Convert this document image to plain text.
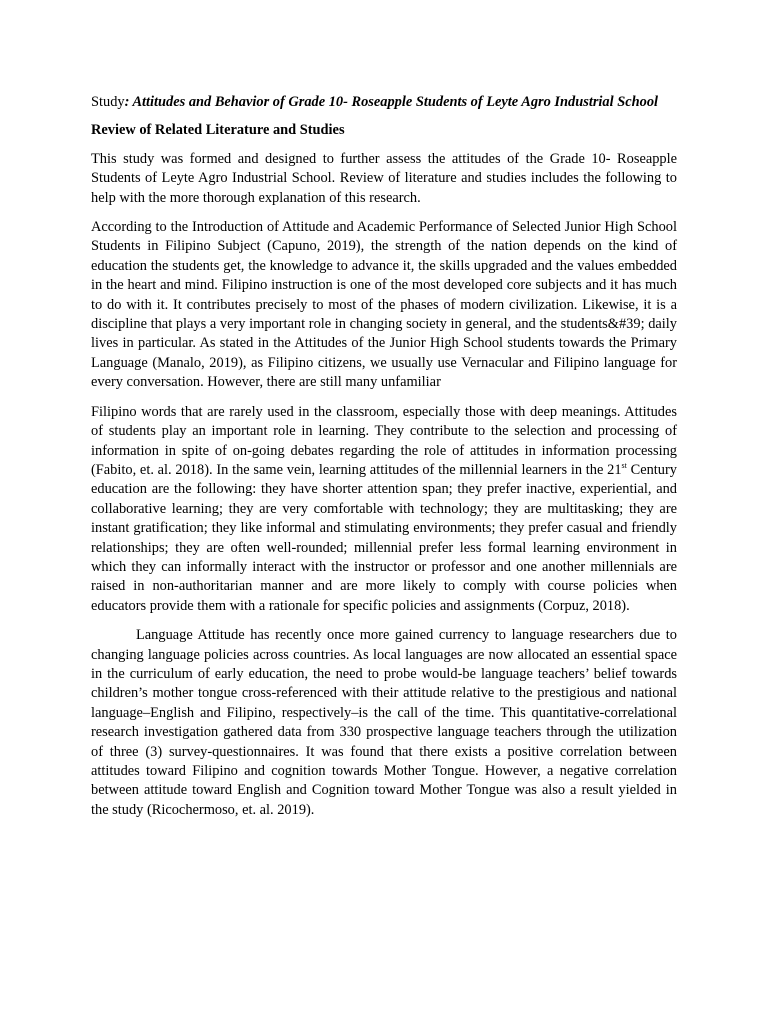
Study: Attitudes and Behavior of Grade 10- Roseapple Students of Leyte Agro Industrial School

Review of Related Literature and Studies

This study was formed and designed to further assess the attitudes of the Grade 10- Roseapple Students of Leyte Agro Industrial School. Review of literature and studies includes the following to help with the more thorough explanation of this research.

According to the Introduction of Attitude and Academic Performance of Selected Junior High School Students in Filipino Subject (Capuno, 2019), the strength of the nation depends on the kind of education the students get, the knowledge to advance it, the skills upgraded and the values embedded in the heart and mind. Filipino instruction is one of the most developed core subjects and it has much to do with it. It contributes precisely to most of the phases of modern civilization. Likewise, it is a discipline that plays a very important role in changing society in general, and the students&#39; daily lives in particular. As stated in the Attitudes of the Junior High School students towards the Primary Language (Manalo, 2019), as Filipino citizens, we usually use Vernacular and Filipino language for every conversation. However, there are still many unfamiliar

Filipino words that are rarely used in the classroom, especially those with deep meanings. Attitudes of students play an important role in learning. They contribute to the selection and processing of information in spite of on-going debates regarding the role of attitudes in information processing (Fabito, et. al. 2018). In the same vein, learning attitudes of the millennial learners in the 21st Century education are the following: they have shorter attention span; they prefer inactive, experiential, and collaborative learning; they are very comfortable with technology; they are multitasking; they are instant gratification; they like informal and stimulating environments; they prefer casual and friendly relationships; they are often well-rounded; millennial prefer less formal learning environment in which they can informally interact with the instructor or professor and one another millennials are raised in non-authoritarian manner and are more likely to comply with course policies when educators provide them with a rationale for specific policies and assignments (Corpuz, 2018).

Language Attitude has recently once more gained currency to language researchers due to changing language policies across countries. As local languages are now allocated an essential space in the curriculum of early education, the need to probe would-be language teachers’ belief towards children’s mother tongue cross-referenced with their attitude relative to the prestigious and national language–English and Filipino, respectively–is the call of the time. This quantitative-correlational research investigation gathered data from 330 prospective language teachers through the utilization of three (3) survey-questionnaires. It was found that there exists a positive correlation between attitudes toward Filipino and cognition towards Mother Tongue. However, a negative correlation between attitude toward English and Cognition toward Mother Tongue was also a result yielded in the study (Ricochermoso, et. al. 2019).
